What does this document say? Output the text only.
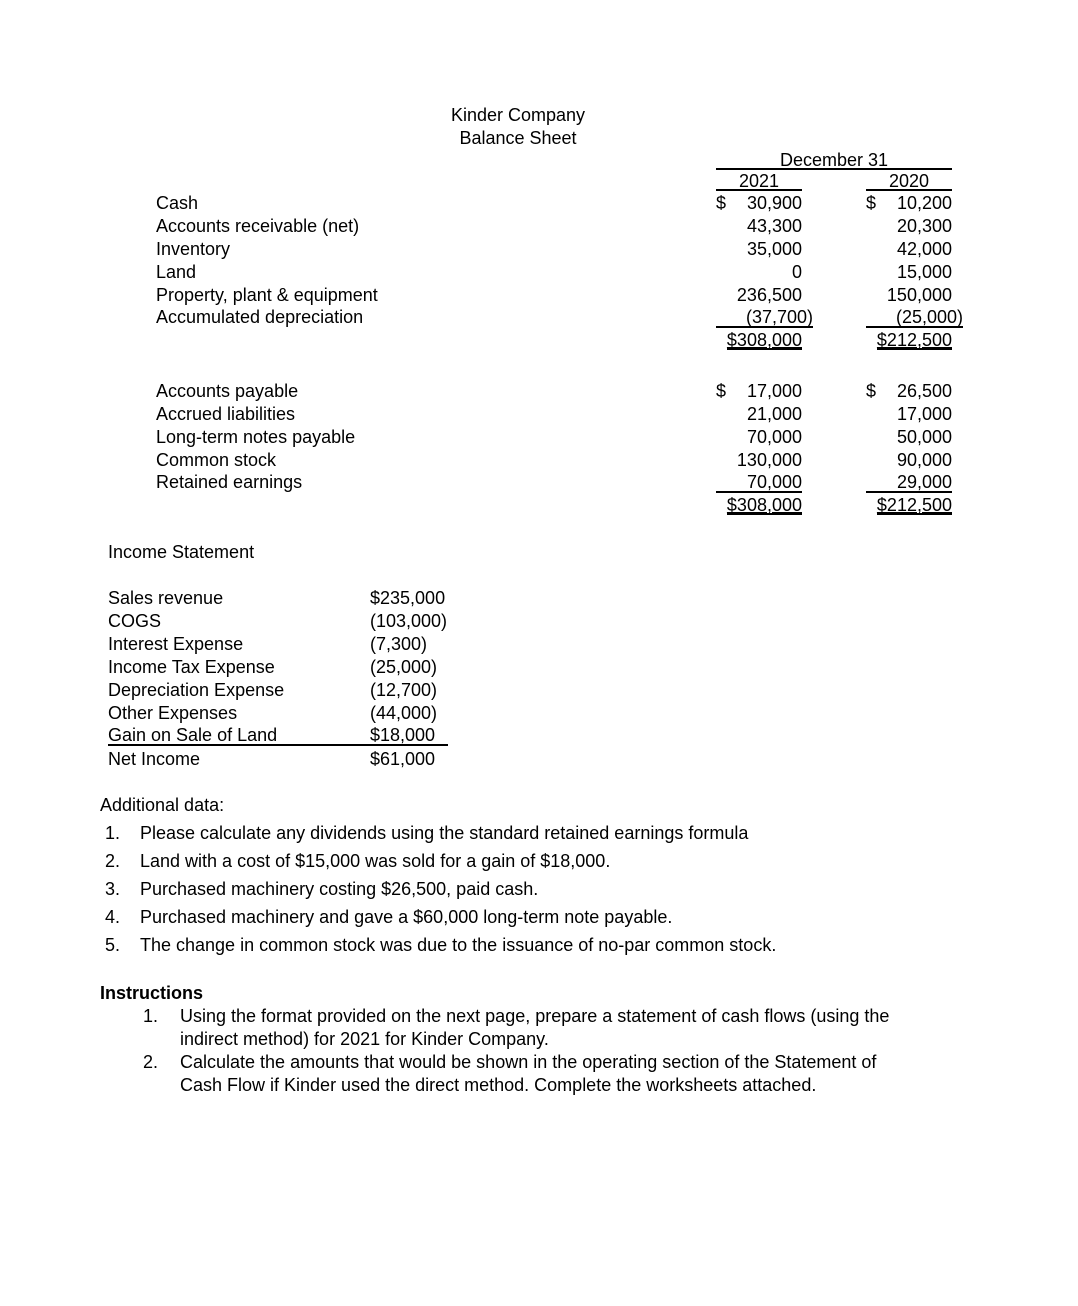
Kinder Company
Balance Sheet
December 31
2021	2020
Cash	$ 30,900	$ 10,200
Accounts receivable (net)	43,300	20,300
Inventory	35,000	42,000
Land	0	15,000
Property, plant & equipment	236,500	150,000
Accumulated depreciation	(37,700)	(25,000)
$308,000	$212,500
Accounts payable	$ 17,000	$ 26,500
Accrued liabilities	21,000	17,000
Long-term notes payable	70,000	50,000
Common stock	130,000	90,000
Retained earnings	70,000	29,000
$308,000	$212,500
Income Statement
Sales revenue	$235,000
COGS	(103,000)
Interest Expense	(7,300)
Income Tax Expense	(25,000)
Depreciation Expense	(12,700)
Other Expenses	(44,000)
Gain on Sale of Land	$18,000
Net Income	$61,000
Additional data:
1.	Please calculate any dividends using the standard retained earnings formula
2.	Land with a cost of $15,000 was sold for a gain of $18,000.
3.	Purchased machinery costing $26,500, paid cash.
4.	Purchased machinery and gave a $60,000 long-term note payable.
5.	The change in common stock was due to the issuance of no-par common stock.
Instructions
1.	Using the format provided on the next page, prepare a statement of cash flows (using the
indirect method) for 2021 for Kinder Company.
2.	Calculate the amounts that would be shown in the operating section of the Statement of
Cash Flow if Kinder used the direct method. Complete the worksheets attached.
